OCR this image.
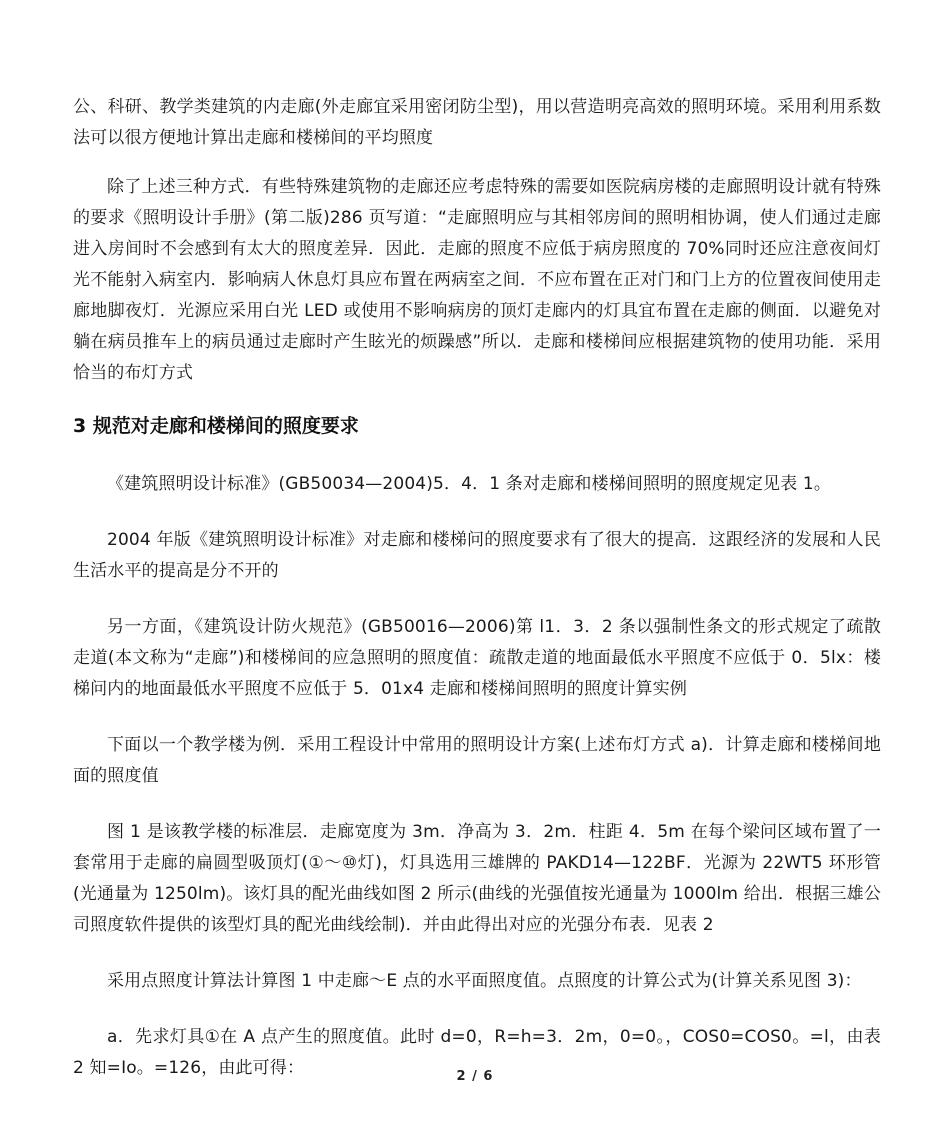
公、科研、教学类建筑的内走廊(外走廊宜采用密闭防尘型)，用以营造明亮高效的照明环境。采用利用系数法可以很方便地计算出走廊和楼梯间的平均照度

除了上述三种方式．有些特殊建筑物的走廊还应考虑特殊的需要如医院病房楼的走廊照明设计就有特殊的要求《照明设计手册》(第二版)286 页写道：“走廊照明应与其相邻房间的照明相协调，使人们通过走廊进入房间时不会感到有太大的照度差异．因此．走廊的照度不应低于病房照度的 70%同时还应注意夜间灯光不能射入病室内．影响病人休息灯具应布置在两病室之间．不应布置在正对门和门上方的位置夜间使用走廊地脚夜灯．光源应采用白光 LED 或使用不影响病房的顶灯走廊内的灯具宜布置在走廊的侧面．以避免对躺在病员推车上的病员通过走廊时产生眩光的烦躁感”所以．走廊和楼梯间应根据建筑物的使用功能．采用恰当的布灯方式

3 规范对走廊和楼梯间的照度要求

《建筑照明设计标准》(GB50034—2004)5．4．1 条对走廊和楼梯间照明的照度规定见表 1。

2004 年版《建筑照明设计标准》对走廊和楼梯问的照度要求有了很大的提高．这跟经济的发展和人民生活水平的提高是分不开的

另一方面，《建筑设计防火规范》(GB50016—2006)第 l1．3．2 条以强制性条文的形式规定了疏散走道(本文称为“走廊”)和楼梯间的应急照明的照度值：疏散走道的地面最低水平照度不应低于 0．5lx：楼梯问内的地面最低水平照度不应低于 5．01x4 走廊和楼梯间照明的照度计算实例

下面以一个教学楼为例．采用工程设计中常用的照明设计方案(上述布灯方式 a)．计算走廊和楼梯间地面的照度值

图 1 是该教学楼的标准层．走廊宽度为 3m．净高为 3．2m．柱距 4．5m 在每个梁问区域布置了一套常用于走廊的扁圆型吸顶灯(①～⑩灯)，灯具选用三雄牌的 PAKD14—122BF．光源为 22WT5 环形管(光通量为 1250lm)。该灯具的配光曲线如图 2 所示(曲线的光强值按光通量为 1000lm 给出．根据三雄公司照度软件提供的该型灯具的配光曲线绘制)．并由此得出对应的光强分布表．见表 2

采用点照度计算法计算图 1 中走廊～E 点的水平面照度值。点照度的计算公式为(计算关系见图 3)：

a．先求灯具①在 A 点产生的照度值。此时 d=0，R=h=3．2m，0=0。，COS0=COS0。=l，由表 2 知=Io。=126，由此可得：	2 / 6
